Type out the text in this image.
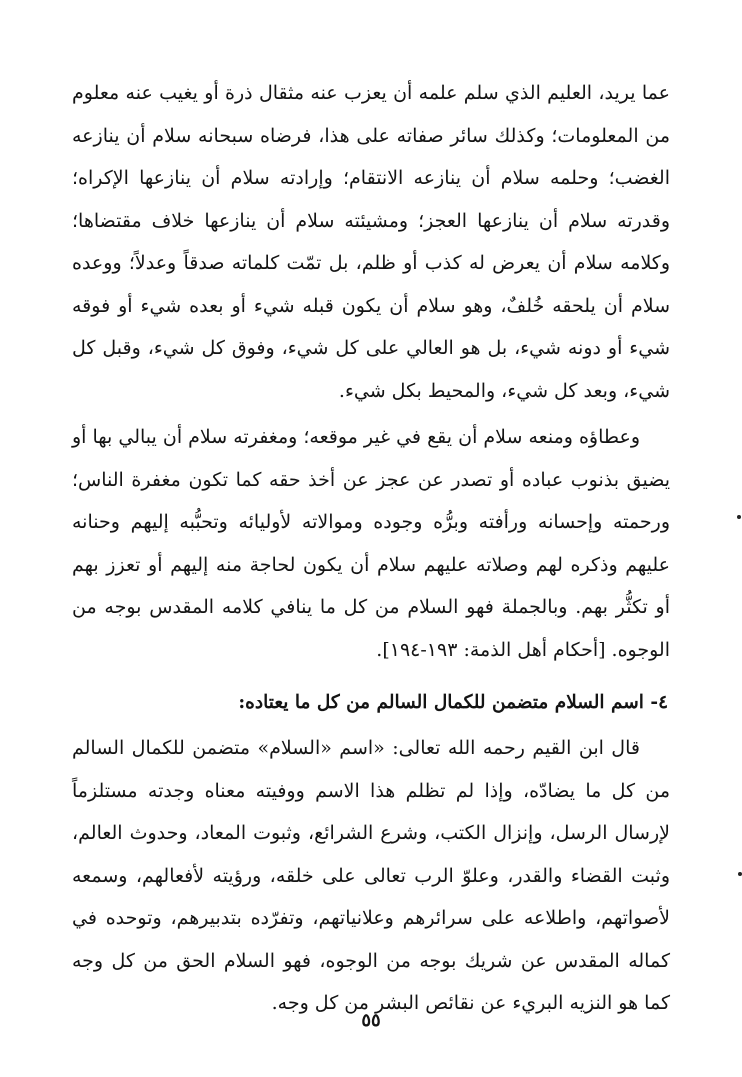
عما يريد، العليم الذي سلم علمه أن يعزب عنه مثقال ذرة أو يغيب عنه معلوم من المعلومات؛ وكذلك سائر صفاته على هذا، فرضاه سبحانه سلام أن ينازعه الغضب؛ وحلمه سلام أن ينازعه الانتقام؛ وإرادته سلام أن ينازعها الإكراه؛ وقدرته سلام أن ينازعها العجز؛ ومشيئته سلام أن ينازعها خلاف مقتضاها؛ وكلامه سلام أن يعرض له كذب أو ظلم، بل تمّت كلماته صدقاً وعدلاً؛ ووعده سلام أن يلحقه خُلفٌ، وهو سلام أن يكون قبله شيء أو بعده شيء أو فوقه شيء أو دونه شيء، بل هو العالي على كل شيء، وفوق كل شيء، وقبل كل شيء، وبعد كل شيء، والمحيط بكل شيء.

وعطاؤه ومنعه سلام أن يقع في غير موقعه؛ ومغفرته سلام أن يبالي بها أو يضيق بذنوب عباده أو تصدر عن عجز عن أخذ حقه كما تكون مغفرة الناس؛ ورحمته وإحسانه ورأفته وبرُّه وجوده وموالاته لأوليائه وتحبُّبه إليهم وحنانه عليهم وذكره لهم وصلاته عليهم سلام أن يكون لحاجة منه إليهم أو تعزز بهم أو تكثُّر بهم. وبالجملة فهو السلام من كل ما ينافي كلامه المقدس بوجه من الوجوه. [أحكام أهل الذمة: ١٩٣-١٩٤].

٤- اسم السلام متضمن للكمال السالم من كل ما يعتاده:

قال ابن القيم رحمه الله تعالى: «اسم «السلام» متضمن للكمال السالم من كل ما يضادّه، وإذا لم تظلم هذا الاسم ووفيته معناه وجدته مستلزماً لإرسال الرسل، وإنزال الكتب، وشرع الشرائع، وثبوت المعاد، وحدوث العالم، وثبت القضاء والقدر، وعلوّ الرب تعالى على خلقه، ورؤيته لأفعالهم، وسمعه لأصواتهم، واطلاعه على سرائرهم وعلانياتهم، وتفرّده بتدبيرهم، وتوحده في كماله المقدس عن شريك بوجه من الوجوه، فهو السلام الحق من كل وجه كما هو النزيه البريء عن نقائص البشر من كل وجه.

٥٥
